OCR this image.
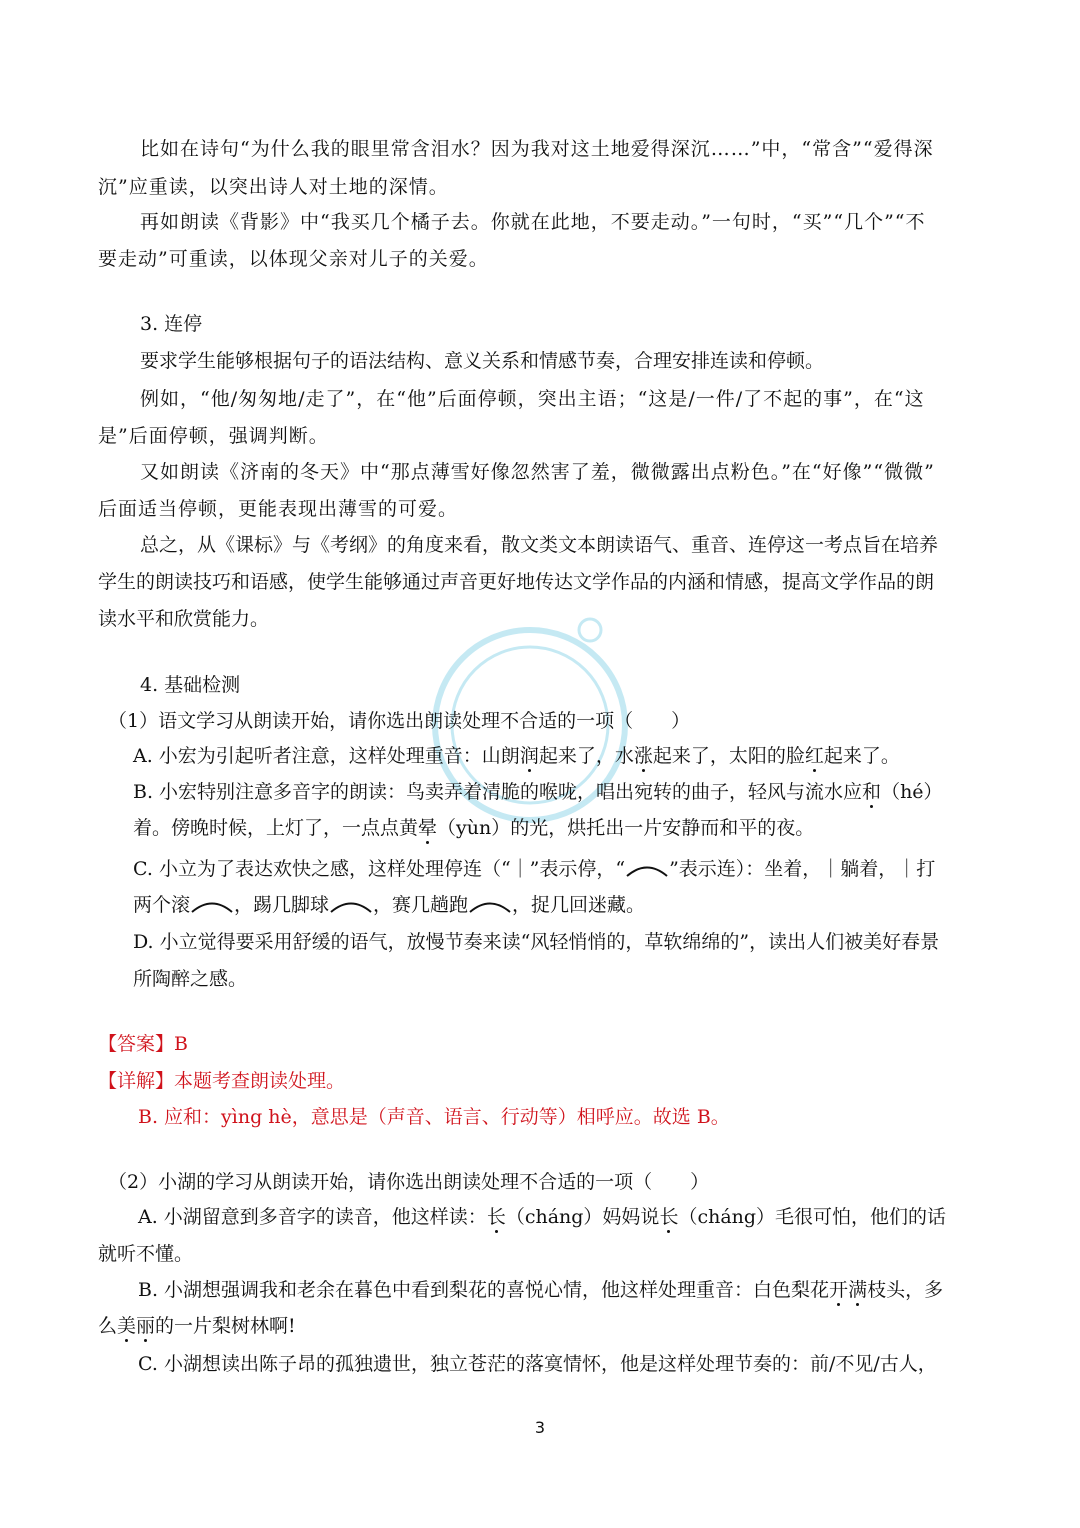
比如在诗句“为什么我的眼里常含泪水？因为我对这土地爱得深沉……”中，“常含”“爱得深
沉”应重读，以突出诗人对土地的深情。
再如朗读《背影》中“我买几个橘子去。你就在此地，不要走动。”一句时，“买”“几个”“不
要走动”可重读，以体现父亲对儿子的关爱。
3. 连停
要求学生能够根据句子的语法结构、意义关系和情感节奏，合理安排连读和停顿。
例如，“他/匆匆地/走了”，在“他”后面停顿，突出主语；“这是/一件/了不起的事”，在“这
是”后面停顿，强调判断。
又如朗读《济南的冬天》中“那点薄雪好像忽然害了羞，微微露出点粉色。”在“好像”“微微”
后面适当停顿，更能表现出薄雪的可爱。
总之，从《课标》与《考纲》的角度来看，散文类文本朗读语气、重音、连停这一考点旨在培养
学生的朗读技巧和语感，使学生能够通过声音更好地传达文学作品的内涵和情感，提高文学作品的朗
读水平和欣赏能力。
4. 基础检测
（1）语文学习从朗读开始，请你选出朗读处理不合适的一项（　　）
A. 小宏为引起听者注意，这样处理重音：山朗润起来了，水涨起来了，太阳的脸红起来了。
B. 小宏特别注意多音字的朗读：鸟卖弄着清脆的喉咙，唱出宛转的曲子，轻风与流水应和（hé）
着。傍晚时候，上灯了，一点点黄晕（yùn）的光，烘托出一片安静而和平的夜。
C. 小立为了表达欢快之感，这样处理停连（“｜”表示停，“ ”表示连）：坐着，｜躺着，｜打
两个滚 ，踢几脚球 ，赛几趟跑 ，捉几回迷藏。
D. 小立觉得要采用舒缓的语气，放慢节奏来读“风轻悄悄的，草软绵绵的”，读出人们被美好春景
所陶醉之感。
【答案】B
【详解】本题考查朗读处理。
B. 应和：yìng hè，意思是（声音、语言、行动等）相呼应。故选 B。
（2）小湖的学习从朗读开始，请你选出朗读处理不合适的一项（　　）
A. 小湖留意到多音字的读音，他这样读：长（cháng）妈妈说长（cháng）毛很可怕，他们的话
就听不懂。
B. 小湖想强调我和老余在暮色中看到梨花的喜悦心情，他这样处理重音：白色梨花开满枝头，多
么美丽的一片梨树林啊!
C. 小湖想读出陈子昂的孤独遗世，独立苍茫的落寞情怀，他是这样处理节奏的：前/不见/古人，
3
